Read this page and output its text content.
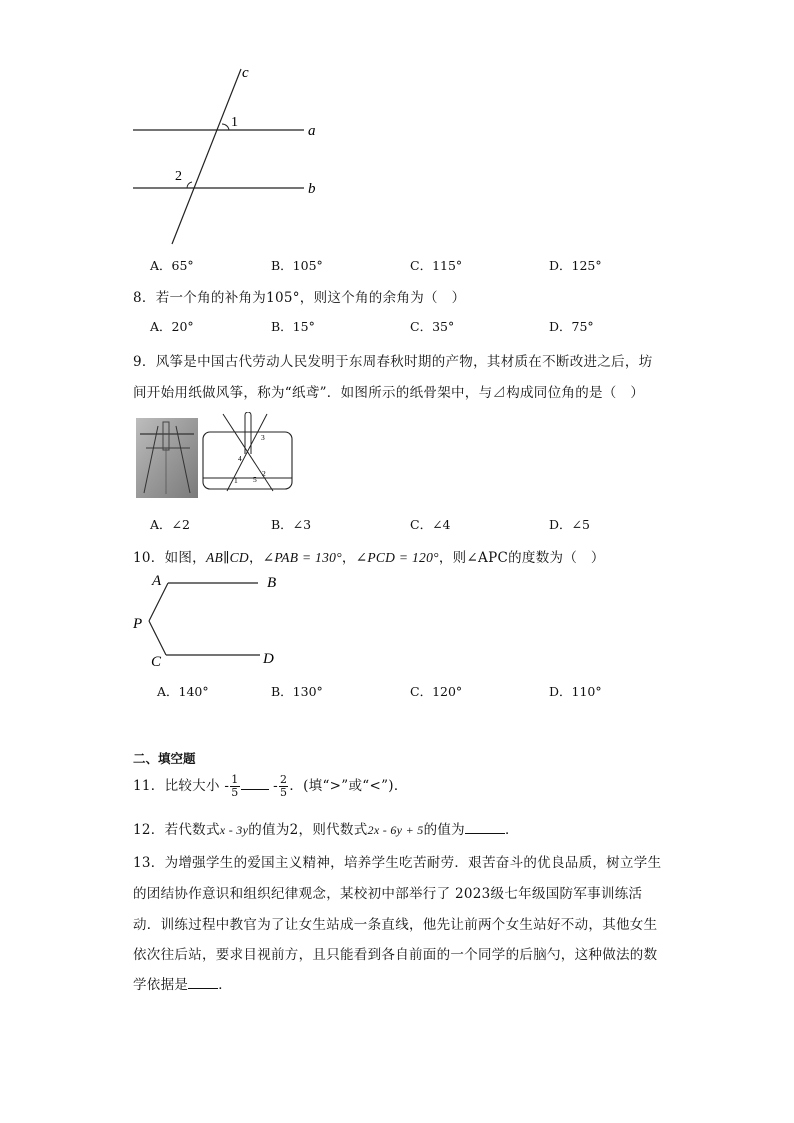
c
a
b
1
2
A．65°	B．105°	C．115°	D．125°
8．若一个角的补角为105°，则这个角的余角为（　）
A．20°	B．15°	C．35°	D．75°
9．风筝是中国古代劳动人民发明于东周春秋时期的产物，其材质在不断改进之后，坊
间开始用纸做风筝，称为“纸鸢”．如图所示的纸骨架中，与⊿构成同位角的是（　）
3
4
2
5
1
A．∠2	B．∠3	C．∠4	D．∠5
10．如图，AB∥CD，∠PAB = 130°，∠PCD = 120°，则∠APC的度数为（　）
A	B
P
C	D
A．140°	B．130°	C．120°	D．110°
二、填空题
11．比较大小 - $\frac{1}{5} - \frac{2}{5}$ ．(填“>”或“<”)．
12．若代数式x - 3y的值为2，则代数式2x - 6y + 5的值为	．
13．为增强学生的爱国主义精神，培养学生吃苦耐劳．艰苦奋斗的优良品质，树立学生
的团结协作意识和组织纪律观念，某校初中部举行了 2023级七年级国防军事训练活
动．训练过程中教官为了让女生站成一条直线，他先让前两个女生站好不动，其他女生
依次往后站，要求目视前方，且只能看到各自前面的一个同学的后脑勺，这种做法的数
学依据是 ．
